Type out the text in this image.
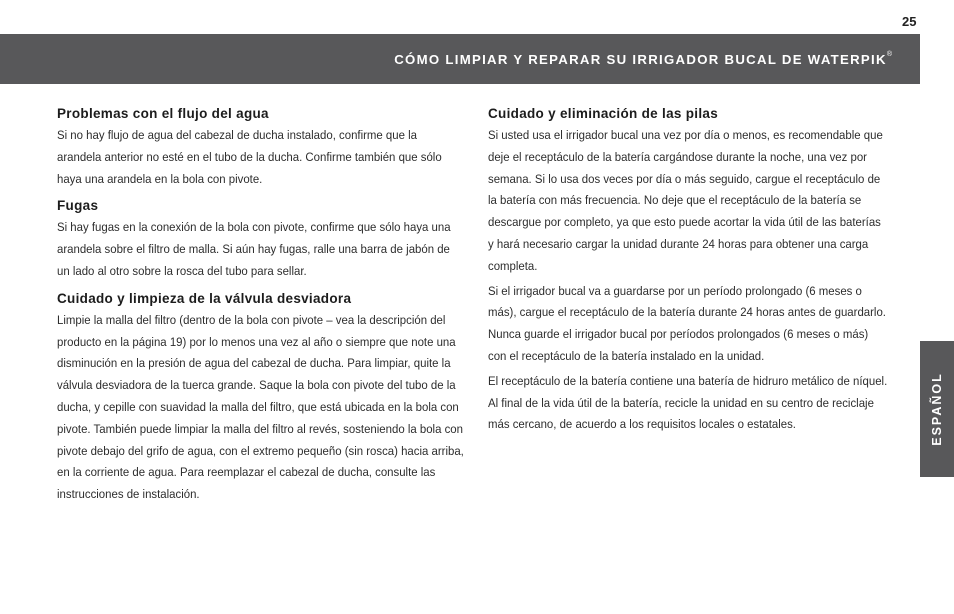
25
CÓMO LIMPIAR Y REPARAR SU IRRIGADOR BUCAL DE WATERPIK®
Problemas con el flujo del agua

Si no hay flujo de agua del cabezal de ducha instalado, confirme que la arandela anterior no esté en el tubo de la ducha. Confirme también que sólo haya una arandela en la bola con pivote.

Fugas

Si hay fugas en la conexión de la bola con pivote, confirme que sólo haya una arandela sobre el filtro de malla. Si aún hay fugas, ralle una barra de jabón de un lado al otro sobre la rosca del tubo para sellar.

Cuidado y limpieza de la válvula desviadora

Limpie la malla del filtro (dentro de la bola con pivote – vea la descripción del producto en la página 19) por lo menos una vez al año o siempre que note una disminución en la presión de agua del cabezal de ducha. Para limpiar, quite la válvula desviadora de la tuerca grande. Saque la bola con pivote del tubo de la ducha, y cepille con suavidad la malla del filtro, que está ubicada en la bola con pivote. También puede limpiar la malla del filtro al revés, sosteniendo la bola con pivote debajo del grifo de agua, con el extremo pequeño (sin rosca) hacia arriba, en la corriente de agua. Para reemplazar el cabezal de ducha, consulte las instrucciones de instalación.

Cuidado y eliminación de las pilas

Si usted usa el irrigador bucal una vez por día o menos, es recomendable que deje el receptáculo de la batería cargándose durante la noche, una vez por semana. Si lo usa dos veces por día o más seguido, cargue el receptáculo de la batería con más frecuencia. No deje que el receptáculo de la batería se descargue por completo, ya que esto puede acortar la vida útil de las baterías y hará necesario cargar la unidad durante 24 horas para obtener una carga completa.

Si el irrigador bucal va a guardarse por un período prolongado (6 meses o más), cargue el receptáculo de la batería durante 24 horas antes de guardarlo. Nunca guarde el irrigador bucal por períodos prolongados (6 meses o más) con el receptáculo de la batería instalado en la unidad.

El receptáculo de la batería contiene una batería de hidruro metálico de níquel. Al final de la vida útil de la batería, recicle la unidad en su centro de reciclaje más cercano, de acuerdo a los requisitos locales o estatales.	ESPAÑOL
